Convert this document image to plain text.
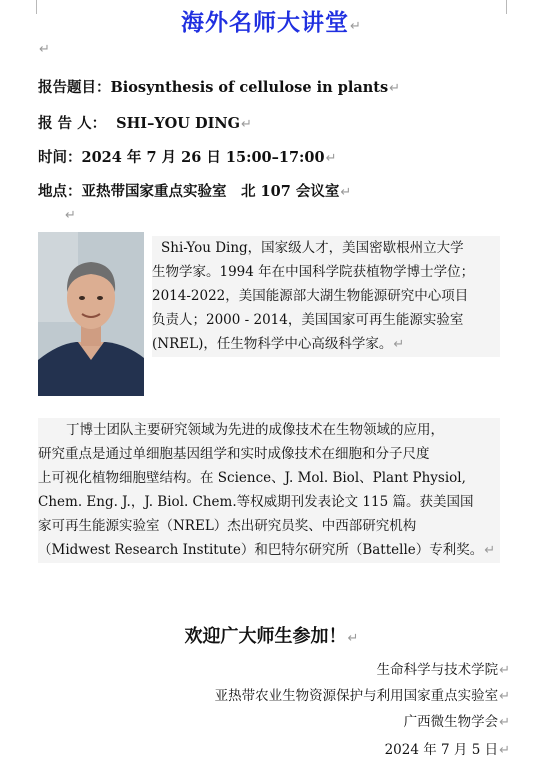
海外名师大讲堂↵
↵
报告题目：Biosynthesis of cellulose in plants↵
报 告 人： SHI–YOU DING↵
时间：2024 年 7 月 26 日 15:00–17:00↵
地点：亚热带国家重点实验室　北 107 会议室↵
↵

Shi-You Ding，国家级人才，美国密歇根州立大学

生物学家。1994 年在中国科学院获植物学博士学位；

2014-2022，美国能源部大湖生物能源研究中心项目

负责人；2000 - 2014，美国国家可再生能源实验室

(NREL)，任生物科学中心高级科学家。↵

丁博士团队主要研究领域为先进的成像技术在生物领域的应用，

研究重点是通过单细胞基因组学和实时成像技术在细胞和分子尺度

上可视化植物细胞壁结构。在 Science、J. Mol. Biol、Plant Physiol,

Chem. Eng. J.，J. Biol. Chem.等权威期刊发表论文 115 篇。获美国国

家可再生能源实验室（NREL）杰出研究员奖、中西部研究机构

（Midwest Research Institute）和巴特尔研究所（Battelle）专利奖。↵

欢迎广大师生参加！↵
生命科学与技术学院↵
亚热带农业生物资源保护与利用国家重点实验室↵
广西微生物学会↵
2024 年 7 月 5 日↵
